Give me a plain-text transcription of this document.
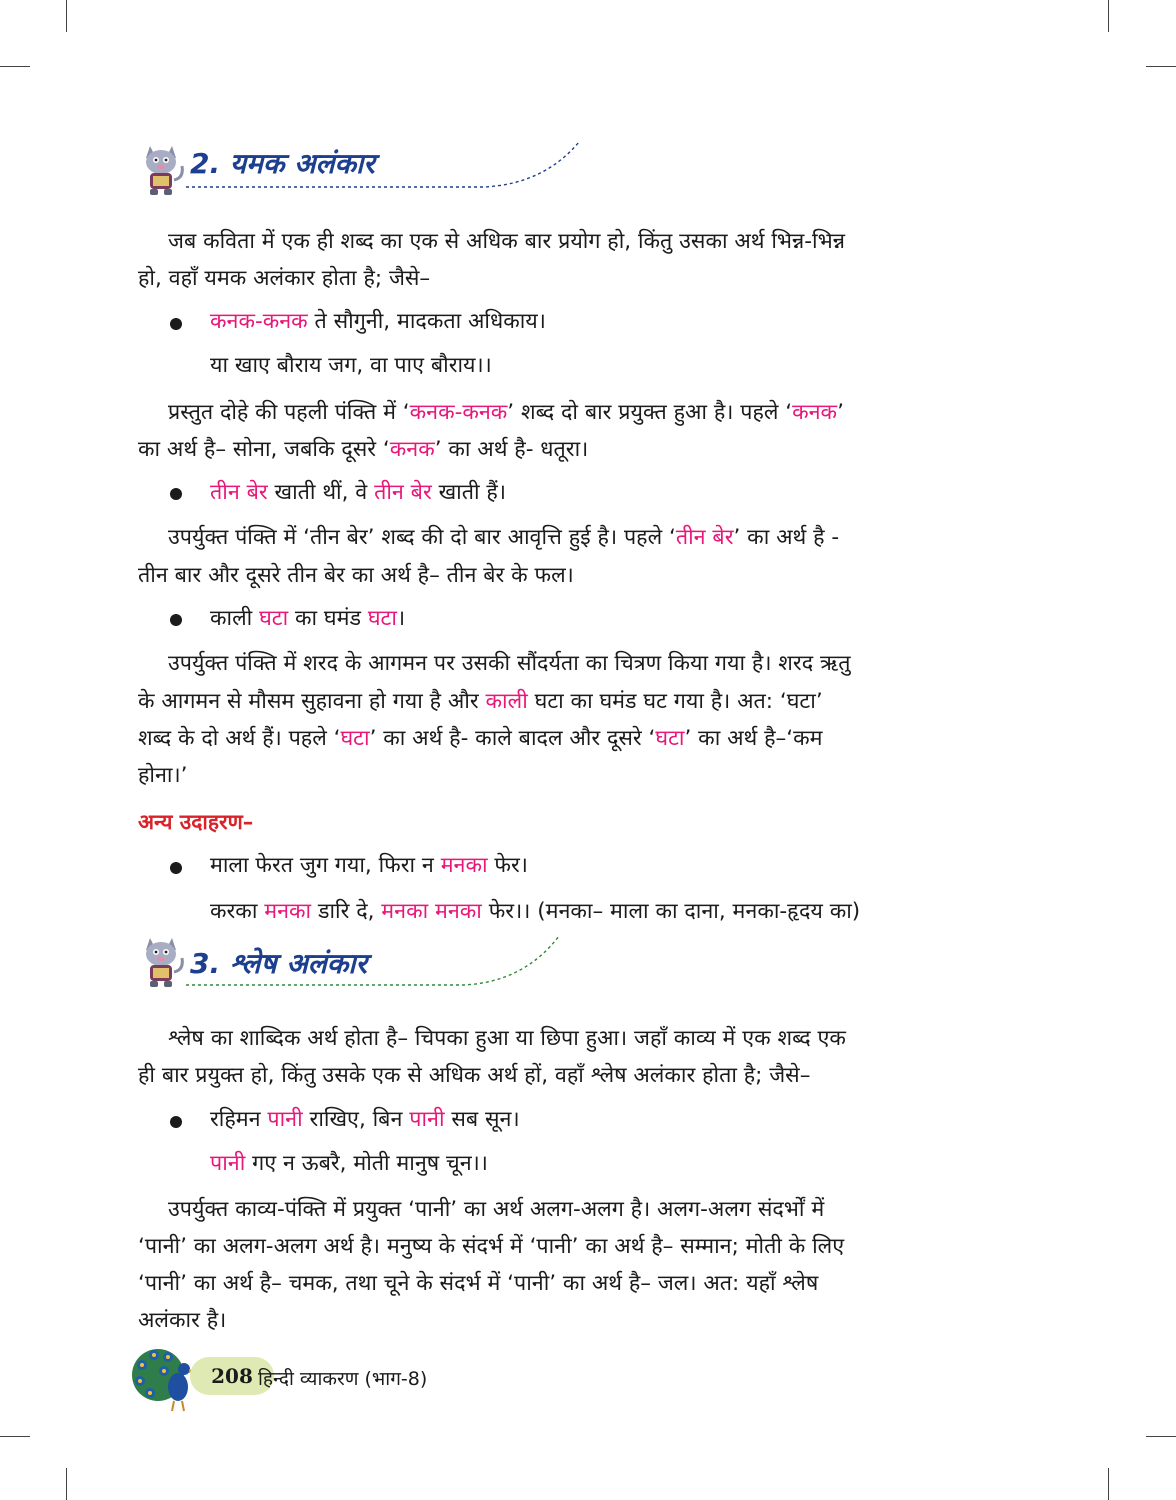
2. यमक अलंकार
जब कविता में एक ही शब्द का एक से अधिक बार प्रयोग हो, किंतु उसका अर्थ भिन्न-भिन्न
हो, वहाँ यमक अलंकार होता है; जैसे–
कनक-कनक ते सौगुनी, मादकता अधिकाय।
या खाए बौराय जग, वा पाए बौराय।।
प्रस्तुत दोहे की पहली पंक्ति में ‘कनक-कनक’ शब्द दो बार प्रयुक्त हुआ है। पहले ‘कनक’
का अर्थ है– सोना, जबकि दूसरे ‘कनक’ का अर्थ है- धतूरा।
तीन बेर खाती थीं, वे तीन बेर खाती हैं।
उपर्युक्त पंक्ति में ‘तीन बेर’ शब्द की दो बार आवृत्ति हुई है। पहले ‘तीन बेर’ का अर्थ है -
तीन बार और दूसरे तीन बेर का अर्थ है– तीन बेर के फल।
काली घटा का घमंड घटा।
उपर्युक्त पंक्ति में शरद के आगमन पर उसकी सौंदर्यता का चित्रण किया गया है। शरद ऋतु
के आगमन से मौसम सुहावना हो गया है और काली घटा का घमंड घट गया है। अत: ‘घटा’
शब्द के दो अर्थ हैं। पहले ‘घटा’ का अर्थ है- काले बादल और दूसरे ‘घटा’ का अर्थ है–‘कम
होना।’
अन्य उदाहरण–
माला फेरत जुग गया, फिरा न मनका फेर।
करका मनका डारि दे, मनका मनका फेर।। (मनका– माला का दाना, मनका-हृदय का)
3. श्लेष अलंकार
श्लेष का शाब्दिक अर्थ होता है– चिपका हुआ या छिपा हुआ। जहाँ काव्य में एक शब्द एक
ही बार प्रयुक्त हो, किंतु उसके एक से अधिक अर्थ हों, वहाँ श्लेष अलंकार होता है; जैसे–
रहिमन पानी राखिए, बिन पानी सब सून।
पानी गए न ऊबरै, मोती मानुष चून।।
उपर्युक्त काव्य-पंक्ति में प्रयुक्त ‘पानी’ का अर्थ अलग-अलग है। अलग-अलग संदर्भों में
‘पानी’ का अलग-अलग अर्थ है। मनुष्य के संदर्भ में ‘पानी’ का अर्थ है– सम्मान; मोती के लिए
‘पानी’ का अर्थ है– चमक, तथा चूने के संदर्भ में ‘पानी’ का अर्थ है– जल। अत: यहाँ श्लेष
अलंकार है।
208 हिन्दी व्याकरण (भाग-8)
